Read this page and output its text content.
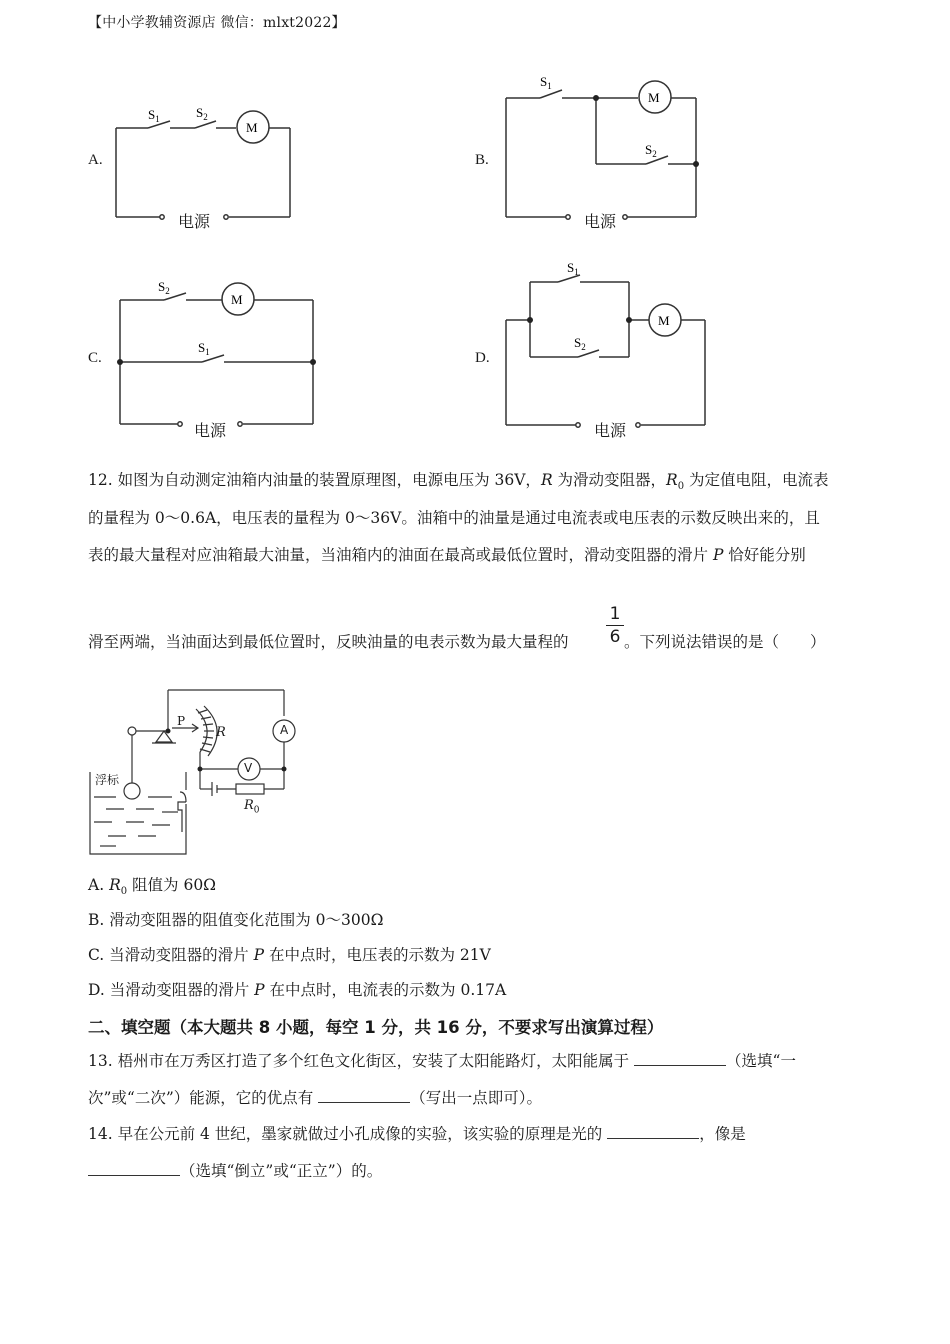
【中小学教辅资源店 微信：mlxt2022】
A.
$S_1$	$S_2$
M
电源
B.
$S_1$
$S_2$
M
电源
C.
$S_2$
$S_1$
M
电源
D.
$S_1$
$S_2$
M
电源
12. 如图为自动测定油箱内油量的装置原理图，电源电压为 36V，R 为滑动变阻器，$R_0$ 为定值电阻，电流表
的量程为 0～0.6A，电压表的量程为 0～36V。油箱中的油量是通过电流表或电压表的示数反映出来的，且
表的最大量程对应油箱最大油量，当油箱内的油面在最高或最低位置时，滑动变阻器的滑片 P 恰好能分别
滑至两端，当油面达到最低位置时，反映油量的电表示数为最大量程的
1
6 。下列说法错误的是（　　）
浮标
P
R	A
V
$R_0$
A. $R_0$ 阻值为 60Ω
B. 滑动变阻器的阻值变化范围为 0～300Ω
C. 当滑动变阻器的滑片 P 在中点时，电压表的示数为 21V
D. 当滑动变阻器的滑片 P 在中点时，电流表的示数为 0.17A
二、填空题（本大题共 8 小题，每空 1 分，共 16 分，不要求写出演算过程）
13. 梧州市在万秀区打造了多个红色文化街区，安装了太阳能路灯，太阳能属于	（选填“一
次”或“二次”）能源，它的优点有	（写出一点即可）。
14. 早在公元前 4 世纪，墨家就做过小孔成像的实验，该实验的原理是光的	，像是
（选填“倒立”或“正立”）的。
